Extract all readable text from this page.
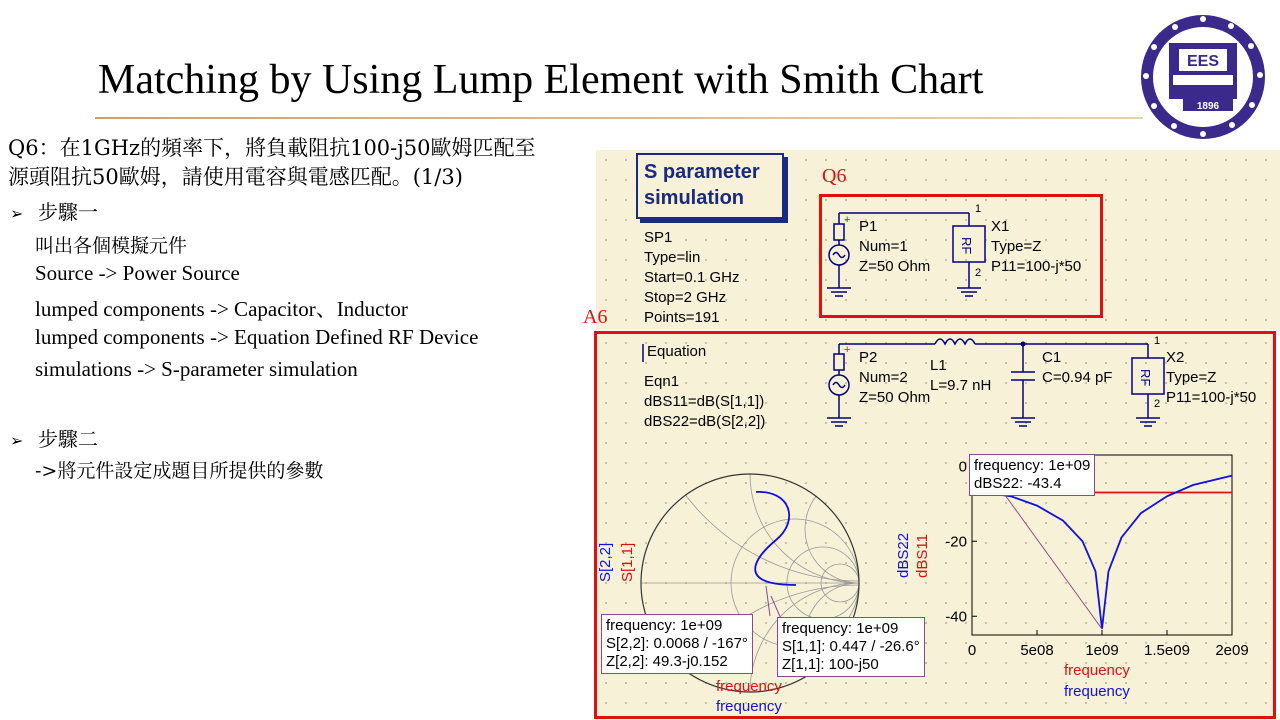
Matching by Using Lump Element with Smith Chart	EES
1896
Q6：在1GHz的頻率下，將負載阻抗100-j50歐姆匹配至
源頭阻抗50歐姆，請使用電容與電感匹配。(1/3)
➢ 步驟一
叫出各個模擬元件
Source -> Power Source
lumped components -> Capacitor、Inductor
lumped components -> Equation Defined RF Device
simulations -> S-parameter simulation
➢ 步驟二
->將元件設定成題目所提供的參數
Q6
A6
S parameter
simulation
SP1
Type=lin
Start=0.1 GHz
Stop=2 GHz
Points=191
+
+
RF
RF
1
2
1
2
P1
Num=1
Z=50 Ohm
X1
Type=Z
P11=100-j*50
Equation
Eqn1
dBS11=dB(S[1,1])
dBS22=dB(S[2,2])
P2
Num=2
Z=50 Ohm
L1
L=9.7 nH
C1
C=0.94 pF
X2
Type=Z
P11=100-j*50
S[2,2] S[1,1]
frequency
frequency
frequency: 1e+09
S[2,2]: 0.0068 / -167°
Z[2,2]: 49.3-j0.152
frequency: 1e+09
S[1,1]: 0.447 / -26.6°
Z[1,1]: 100-j50
0	5e08 1e09 1.5e09 2e09
0
-20
-40
dBS22 dBS11
frequency
frequency
frequency: 1e+09
dBS22: -43.4
